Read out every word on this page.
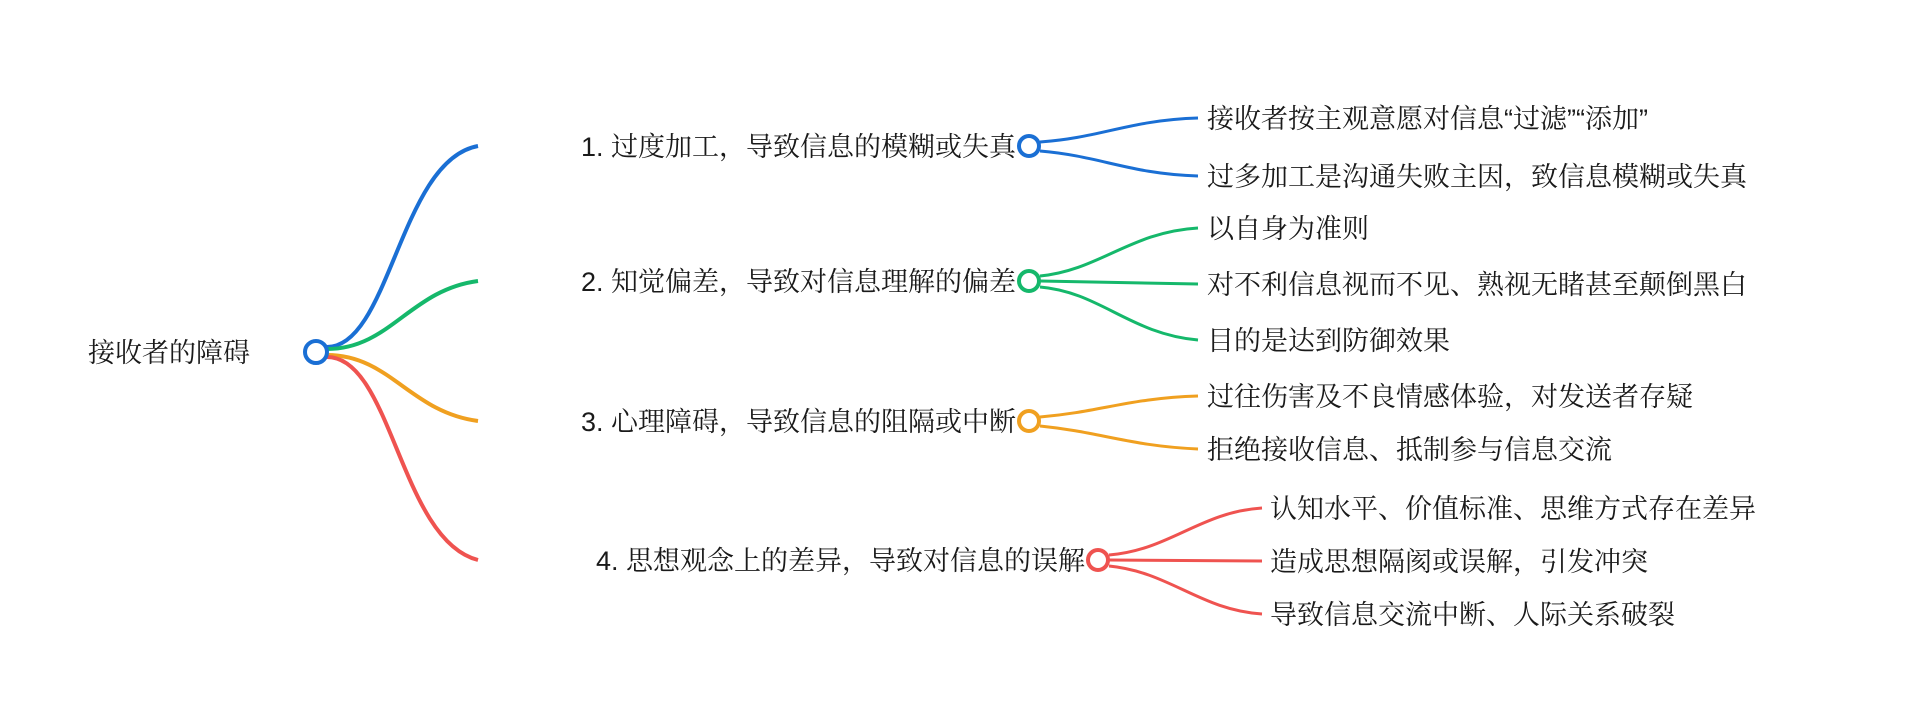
接收者的障碍
1. 过度加工，导致信息的模糊或失真
2. 知觉偏差，导致对信息理解的偏差
3. 心理障碍，导致信息的阻隔或中断
4. 思想观念上的差异，导致对信息的误解
接收者按主观意愿对信息“过滤”“添加”
过多加工是沟通失败主因，致信息模糊或失真
以自身为准则
对不利信息视而不见、熟视无睹甚至颠倒黑白
目的是达到防御效果
过往伤害及不良情感体验，对发送者存疑
拒绝接收信息、抵制参与信息交流
认知水平、价值标准、思维方式存在差异
造成思想隔阂或误解，引发冲突
导致信息交流中断、人际关系破裂
